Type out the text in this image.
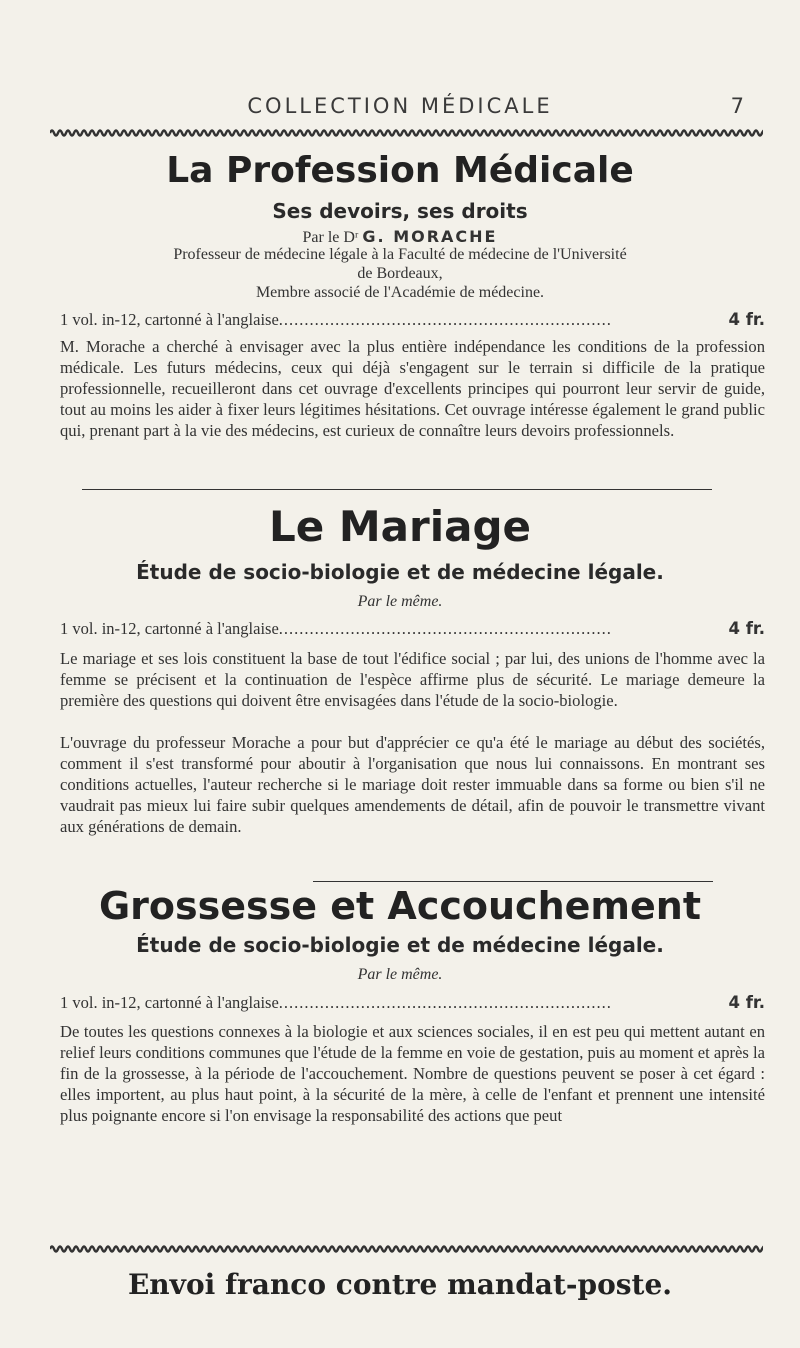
COLLECTION MÉDICALE	7
La Profession Médicale
Ses devoirs, ses droits
Par le Dʳ G. MORACHE
Professeur de médecine légale à la Faculté de médecine de l'Université
de Bordeaux,
Membre associé de l'Académie de médecine.
1 vol. in-12, cartonné à l'anglaise.................................................................	4 fr.

M. Morache a cherché à envisager avec la plus entière indépendance les conditions de la profession médicale. Les futurs médecins, ceux qui déjà s'engagent sur le terrain si difficile de la pratique professionnelle, recueilleront dans cet ouvrage d'excellents principes qui pourront leur servir de guide, tout au moins les aider à fixer leurs légitimes hésitations. Cet ouvrage intéresse également le grand public qui, prenant part à la vie des médecins, est curieux de connaître leurs devoirs professionnels.

Le Mariage
Étude de socio-biologie et de médecine légale.
Par le même.
1 vol. in-12, cartonné à l'anglaise.................................................................	4 fr.

Le mariage et ses lois constituent la base de tout l'édifice social ; par lui, des unions de l'homme avec la femme se précisent et la continuation de l'espèce affirme plus de sécurité. Le mariage demeure la première des questions qui doivent être envisagées dans l'étude de la socio-biologie.

L'ouvrage du professeur Morache a pour but d'apprécier ce qu'a été le mariage au début des sociétés, comment il s'est transformé pour aboutir à l'organisation que nous lui connaissons. En montrant ses conditions actuelles, l'auteur recherche si le mariage doit rester immuable dans sa forme ou bien s'il ne vaudrait pas mieux lui faire subir quelques amendements de détail, afin de pouvoir le transmettre vivant aux générations de demain.

Grossesse et Accouchement
Étude de socio-biologie et de médecine légale.
Par le même.
1 vol. in-12, cartonné à l'anglaise.................................................................	4 fr.

De toutes les questions connexes à la biologie et aux sciences sociales, il en est peu qui mettent autant en relief leurs conditions communes que l'étude de la femme en voie de gestation, puis au moment et après la fin de la grossesse, à la période de l'accouchement. Nombre de questions peuvent se poser à cet égard : elles importent, au plus haut point, à la sécurité de la mère, à celle de l'enfant et prennent une intensité plus poignante encore si l'on envisage la responsabilité des actions que peut

Envoi franco contre mandat-poste.
